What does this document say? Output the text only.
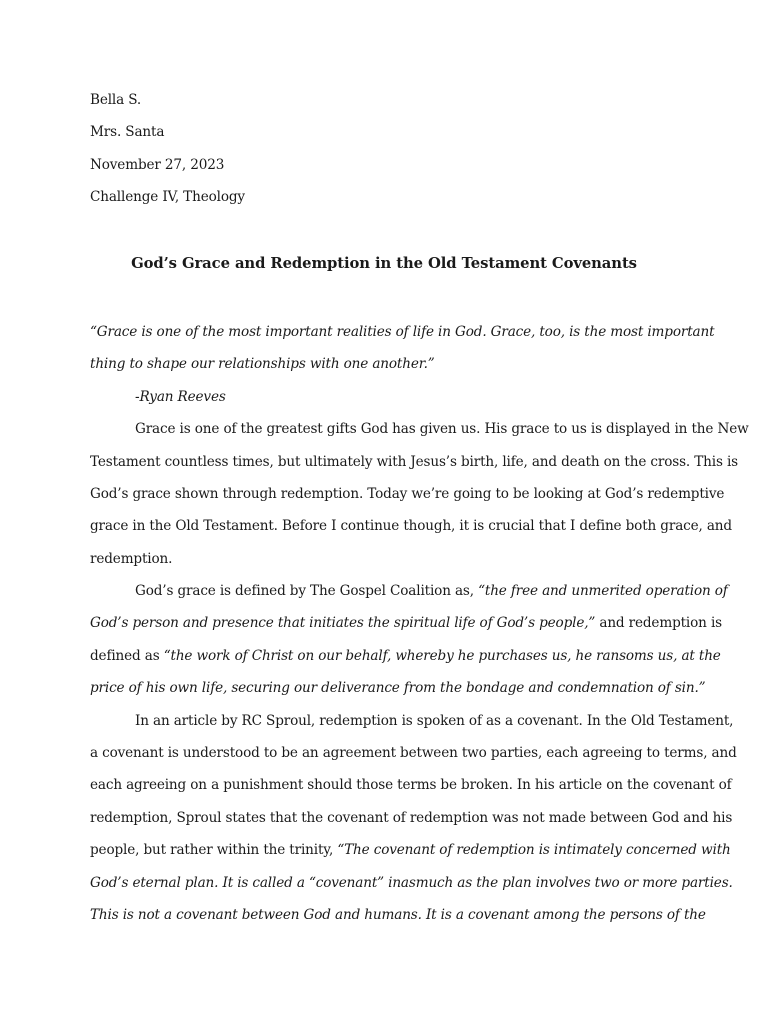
Bella S.
Mrs. Santa
November 27, 2023
Challenge IV, Theology
God’s Grace and Redemption in the Old Testament Covenants
“Grace is one of the most important realities of life in God. Grace, too, is the most important
thing to shape our relationships with one another.”
-Ryan Reeves
Grace is one of the greatest gifts God has given us. His grace to us is displayed in the New
Testament countless times, but ultimately with Jesus’s birth, life, and death on the cross. This is
God’s grace shown through redemption. Today we’re going to be looking at God’s redemptive
grace in the Old Testament. Before I continue though, it is crucial that I define both grace, and
redemption.
God’s grace is defined by The Gospel Coalition as, “the free and unmerited operation of
God’s person and presence that initiates the spiritual life of God’s people,” and redemption is
defined as “the work of Christ on our behalf, whereby he purchases us, he ransoms us, at the
price of his own life, securing our deliverance from the bondage and condemnation of sin.”
In an article by RC Sproul, redemption is spoken of as a covenant. In the Old Testament,
a covenant is understood to be an agreement between two parties, each agreeing to terms, and
each agreeing on a punishment should those terms be broken. In his article on the covenant of
redemption, Sproul states that the covenant of redemption was not made between God and his
people, but rather within the trinity, “The covenant of redemption is intimately concerned with
God’s eternal plan. It is called a “covenant” inasmuch as the plan involves two or more parties.
This is not a covenant between God and humans. It is a covenant among the persons of the
